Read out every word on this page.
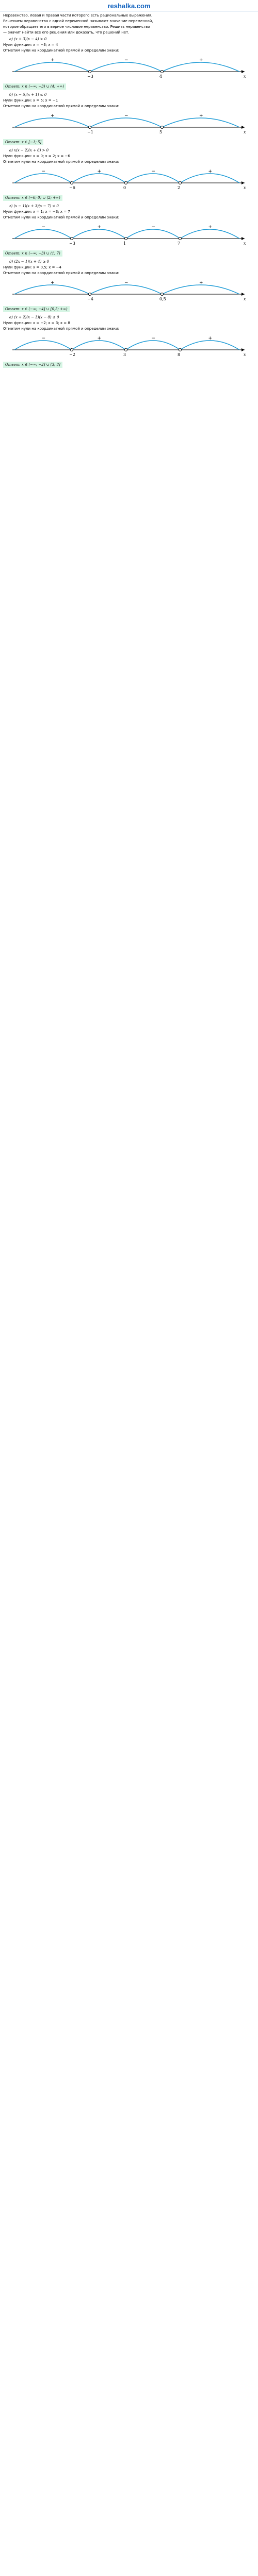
reshalka.com
Неравенство, левая и правая части которого есть рациональные выражения.
Решением неравенства с одной переменной называют значение переменной,
которое обращает его в верное числовое неравенство. Решить неравенство
— значит найти все его решения или доказать, что решений нет.
а) (x + 3)(x − 4) > 0
Нули функции: x = −3; x = 4
Отметим нули на координатной прямой и определим знаки:
x
+	−	+
−3	4
Ответ: x ∈ (−∞; −3) ∪ (4; +∞)
б) (x − 5)(x + 1) ≤ 0
Нули функции: x = 5; x = −1
Отметим нули на координатной прямой и определим знаки:
x
+	−	+
−1	5
Ответ: x ∈ [−1; 5]
в) x(x − 2)(x + 6) > 0
Нули функции: x = 0; x = 2; x = −6
Отметим нули на координатной прямой и определим знаки:
x
−	+	−	+
−6	0	2
Ответ: x ∈ (−6; 0) ∪ (2; +∞)
г) (x − 1)(x + 3)(x − 7) < 0
Нули функции: x = 1; x = −3; x = 7
Отметим нули на координатной прямой и определим знаки:
x
−	+	−	+
−3	1	7
Ответ: x ∈ (−∞; −3) ∪ (1; 7)
д) (2x − 1)(x + 4) ≥ 0
Нули функции: x = 0,5; x = −4
Отметим нули на координатной прямой и определим знаки:
x
+	−	+
−4	0,5
Ответ: x ∈ (−∞; −4] ∪ [0,5; +∞)
е) (x + 2)(x − 3)(x − 8) ≤ 0
Нули функции: x = −2; x = 3; x = 8
Отметим нули на координатной прямой и определим знаки:
x
−	+	−	+
−2	3	8
Ответ: x ∈ (−∞; −2] ∪ [3; 8]
